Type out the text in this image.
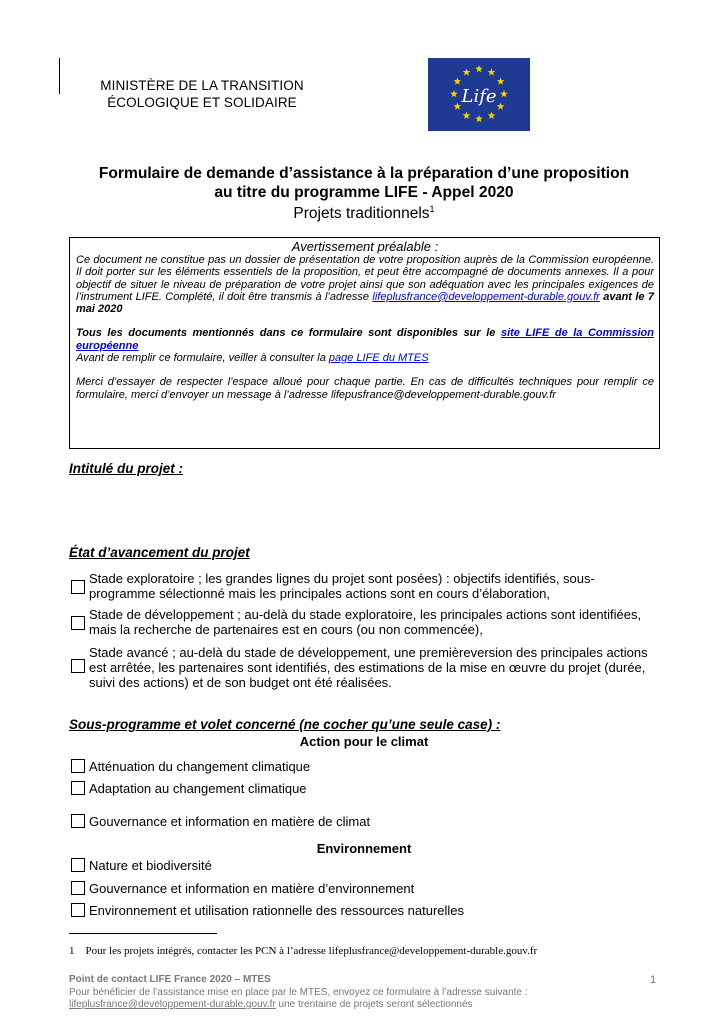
MINISTÈRE DE LA TRANSITION
ÉCOLOGIQUE ET SOLIDAIRE	Life
Formulaire de demande d’assistance à la préparation d’une proposition
au titre du programme LIFE - Appel 2020
Projets traditionnels$^1$
Avertissement préalable :

Ce document ne constitue pas un dossier de présentation de votre proposition auprès de la Commission européenne. Il doit porter sur les éléments essentiels de la proposition, et peut être accompagné de documents annexes. Il a pour objectif de situer le niveau de préparation de votre projet ainsi que son adéquation avec les principales exigences de l’instrument LIFE. Complété, il doit être transmis à l’adresse lifeplusfrance@developpement-durable.gouv.fr avant le 7 mai 2020

Tous les documents mentionnés dans ce formulaire sont disponibles sur le site LIFE de la Commission européenne

Avant de remplir ce formulaire, veiller à consulter la page LIFE du MTES

Merci d’essayer de respecter l’espace alloué pour chaque partie. En cas de difficultés techniques pour remplir ce formulaire, merci d’envoyer un message à l’adresse lifepusfrance@developpement-durable.gouv.fr

Intitulé du projet :
État d’avancement du projet
Stade exploratoire ; les grandes lignes du projet sont posées) : objectifs identifiés, sous-programme sélectionné mais les principales actions sont en cours d’élaboration,
Stade de développement ; au-delà du stade exploratoire, les principales actions sont identifiées, mais la recherche de partenaires est en cours (ou non commencée),
Stade avancé ; au-delà du stade de développement, une premièreversion des principales actions est arrêtée, les partenaires sont identifiés, des estimations de la mise en œuvre du projet (durée, suivi des actions) et de son budget ont été réalisées.
Sous-programme et volet concerné (ne cocher qu’une seule case) :
Action pour le climat
Atténuation du changement climatique
Adaptation au changement climatique
Gouvernance et information en matière de climat
Environnement
Nature et biodiversité
Gouvernance et information en matière d’environnement
Environnement et utilisation rationnelle des ressources naturelles
1 Pour les projets intégrés, contacter les PCN à l’adresse lifeplusfrance@developpement-durable.gouv.fr
Point de contact LIFE France 2020 – MTES
Pour bénéficier de l’assistance mise en place par le MTES, envoyez ce formulaire à l’adresse suivante :
lifeplusfrance@developpement-durable.gouv.fr une trentaine de projets seront sélectionnés
1
